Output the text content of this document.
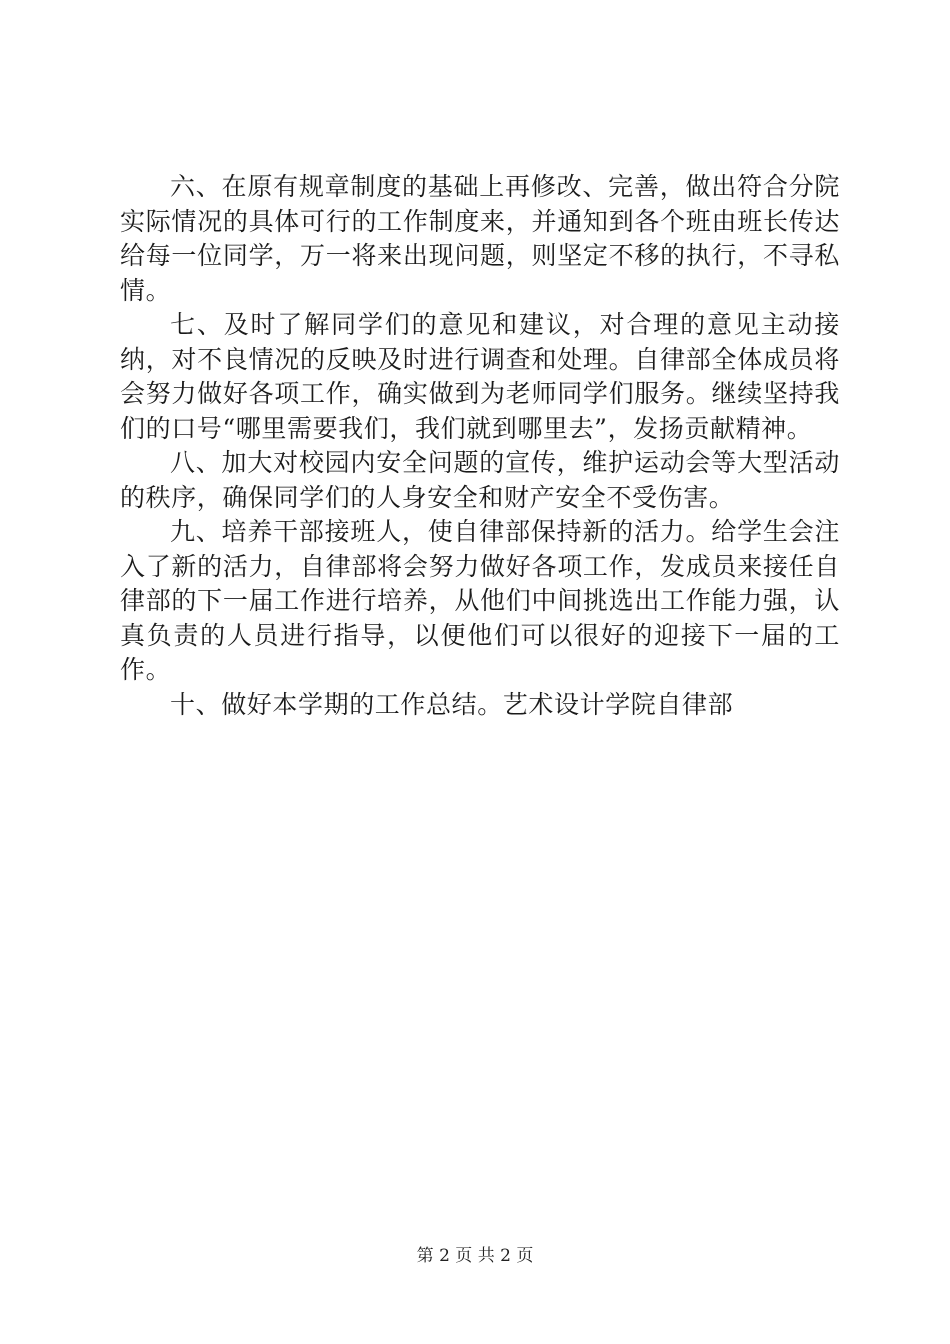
六、在原有规章制度的基础上再修改、完善，做出符合分院实际情况的具体可行的工作制度来，并通知到各个班由班长传达给每一位同学，万一将来出现问题，则坚定不移的执行，不寻私情。

七、及时了解同学们的意见和建议，对合理的意见主动接纳，对不良情况的反映及时进行调查和处理。自律部全体成员将会努力做好各项工作，确实做到为老师同学们服务。继续坚持我们的口号“哪里需要我们，我们就到哪里去”，发扬贡献精神。

八、加大对校园内安全问题的宣传，维护运动会等大型活动的秩序，确保同学们的人身安全和财产安全不受伤害。

九、培养干部接班人，使自律部保持新的活力。给学生会注入了新的活力，自律部将会努力做好各项工作，发成员来接任自律部的下一届工作进行培养，从他们中间挑选出工作能力强，认真负责的人员进行指导，以便他们可以很好的迎接下一届的工作。

十、做好本学期的工作总结。艺术设计学院自律部

第 2 页 共 2 页
